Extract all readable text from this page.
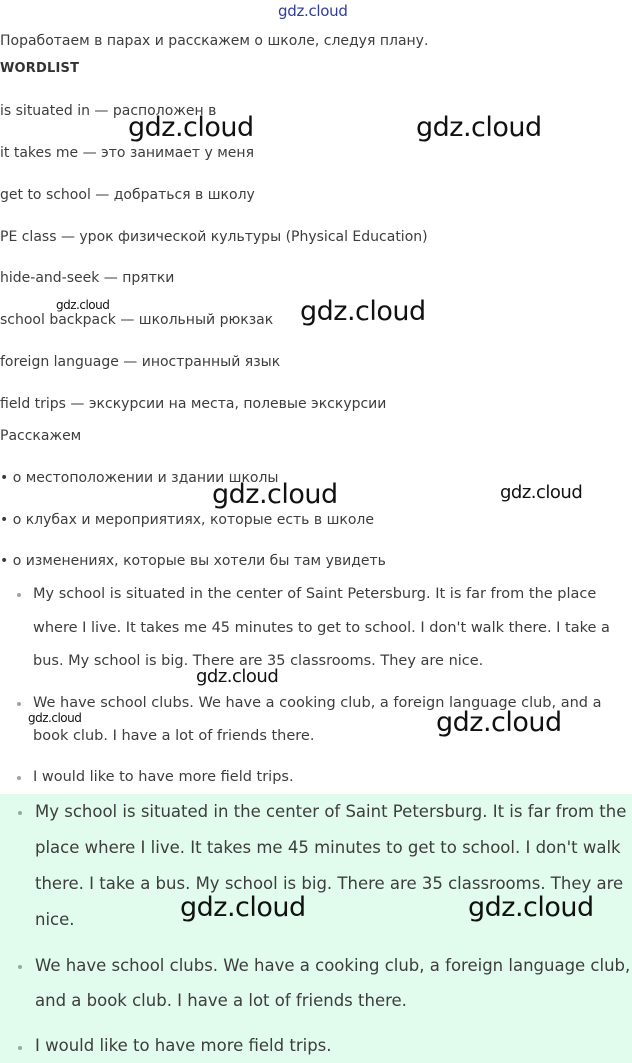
gdz.cloud
Поработаем в парах и расскажем о школе, следуя плану.
WORDLIST
is situated in — расположен в
it takes me — это занимает у меня
get to school — добраться в школу
PE class — урок физической культуры (Physical Education)
hide-and-seek — прятки
school backpack — школьный рюкзак
foreign language — иностранный язык
field trips — экскурсии на места, полевые экскурсии
Расскажем
• о местоположении и здании школы
• о клубах и мероприятиях, которые есть в школе
• о изменениях, которые вы хотели бы там увидеть
My school is situated in the center of Saint Petersburg. It is far from the place
where I live. It takes me 45 minutes to get to school. I don't walk there. I take a
bus. My school is big. There are 35 classrooms. They are nice.
We have school clubs. We have a cooking club, a foreign language club, and a
book club. I have a lot of friends there.
I would like to have more field trips.
My school is situated in the center of Saint Petersburg. It is far from the
place where I live. It takes me 45 minutes to get to school. I don't walk
there. I take a bus. My school is big. There are 35 classrooms. They are
nice.
We have school clubs. We have a cooking club, a foreign language club,
and a book club. I have a lot of friends there.
I would like to have more field trips.
gdz.cloud	gdz.cloud
gdz.cloud	gdz.cloud
gdz.cloud	gdz.cloud
gdz.cloud
gdz.cloud	gdz.cloud
gdz.cloud	gdz.cloud
